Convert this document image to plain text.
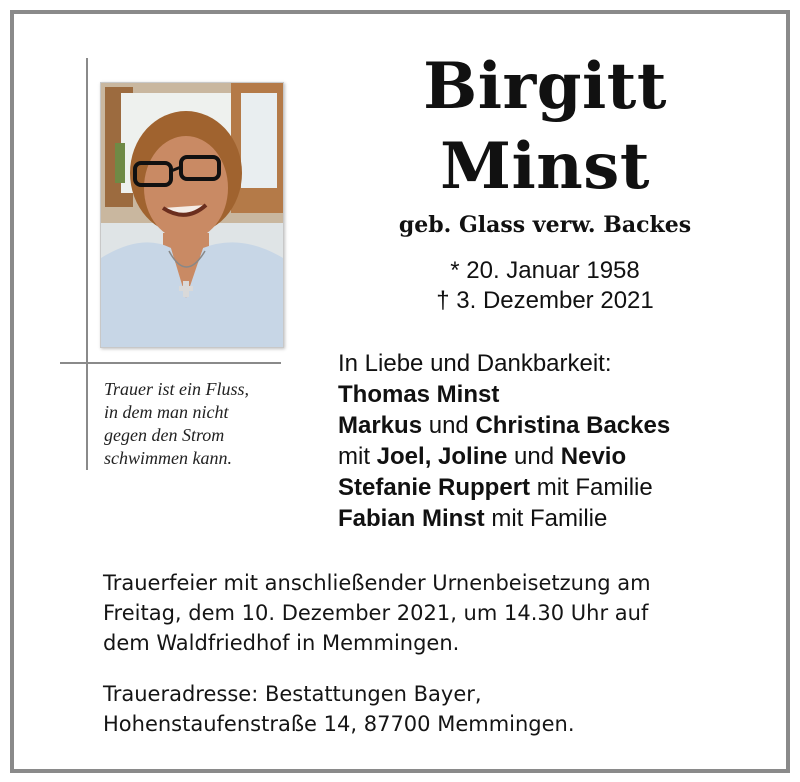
Birgitt
Minst
geb. Glass verw. Backes
* 20. Januar 1958
† 3. Dezember 2021
Trauer ist ein Fluss,
in dem man nicht
gegen den Strom
schwimmen kann.
In Liebe und Dankbarkeit:
Thomas Minst
Markus und Christina Backes
mit Joel, Joline und Nevio
Stefanie Ruppert mit Familie
Fabian Minst mit Familie
Trauerfeier mit anschließender Urnenbeisetzung am
Freitag, dem 10. Dezember 2021, um 14.30 Uhr auf
dem Waldfriedhof in Memmingen.
Traueradresse: Bestattungen Bayer,
Hohenstaufenstraße 14, 87700 Memmingen.
